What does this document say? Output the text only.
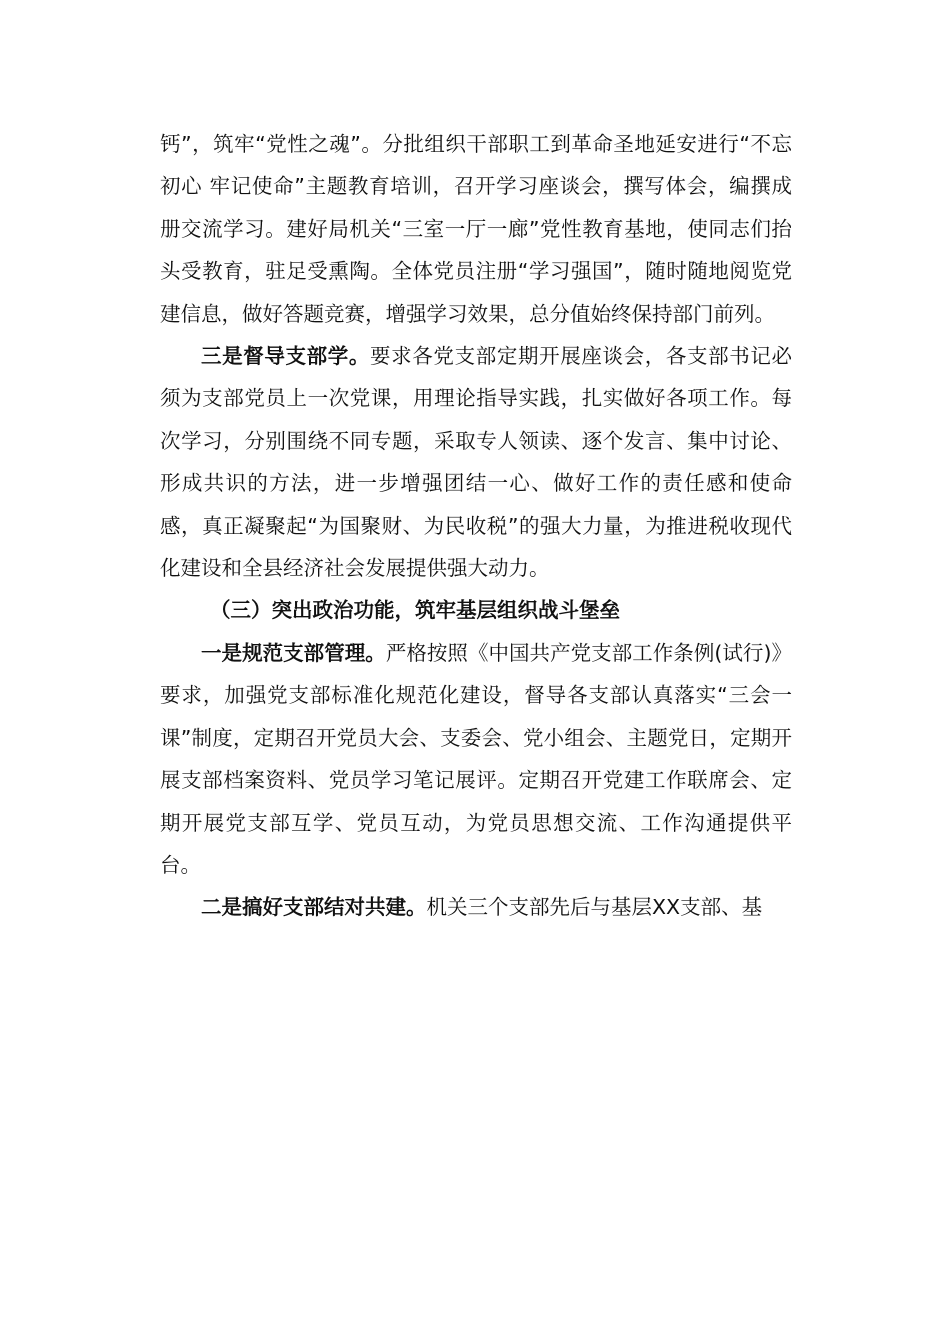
钙”，筑牢“党性之魂”。分批组织干部职工到革命圣地延安进行“不忘初心 牢记使命”主题教育培训，召开学习座谈会，撰写体会，编撰成册交流学习。建好局机关“三室一厅一廊”党性教育基地，使同志们抬头受教育，驻足受熏陶。全体党员注册“学习强国”，随时随地阅览党建信息，做好答题竞赛，增强学习效果，总分值始终保持部门前列。

三是督导支部学。要求各党支部定期开展座谈会，各支部书记必须为支部党员上一次党课，用理论指导实践，扎实做好各项工作。每次学习，分别围绕不同专题，采取专人领读、逐个发言、集中讨论、形成共识的方法，进一步增强团结一心、做好工作的责任感和使命感，真正凝聚起“为国聚财、为民收税”的强大力量，为推进税收现代化建设和全县经济社会发展提供强大动力。

（三）突出政治功能，筑牢基层组织战斗堡垒

一是规范支部管理。严格按照《中国共产党支部工作条例(试行)》要求，加强党支部标准化规范化建设，督导各支部认真落实“三会一课”制度，定期召开党员大会、支委会、党小组会、主题党日，定期开展支部档案资料、党员学习笔记展评。定期召开党建工作联席会、定期开展党支部互学、党员互动，为党员思想交流、工作沟通提供平台。

二是搞好支部结对共建。机关三个支部先后与基层XX支部、基
